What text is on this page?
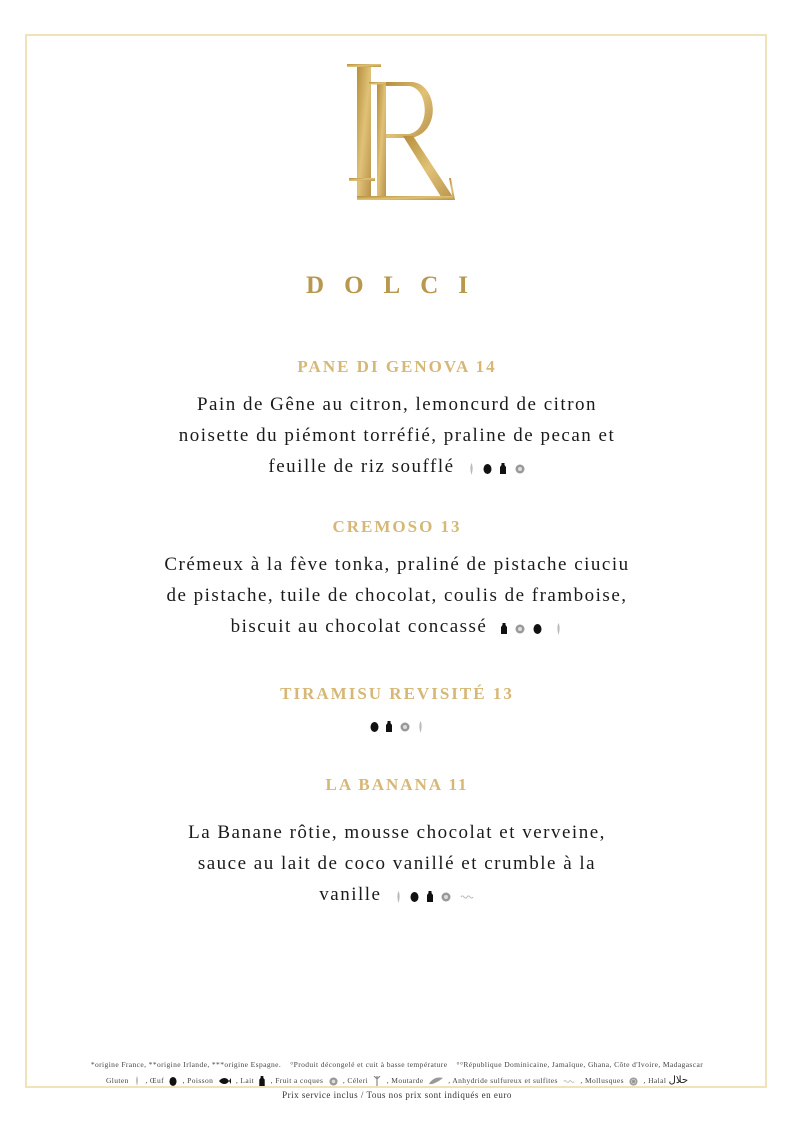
DOLCI
PANE DI GENOVA 14
Pain de Gêne au citron, lemoncurd de citron
noisette du piémont torréfié, praline de pecan et
feuille de riz soufflé
CREMOSO 13
Crémeux à la fève tonka, praliné de pistache ciuciu
de pistache, tuile de chocolat, coulis de framboise,
biscuit au chocolat concassé
TIRAMISU REVISITÉ 13

LA BANANA 11
La Banane rôtie, mousse chocolat et verveine,
sauce au lait de coco vanillé et crumble à la
vanille
*origine France, **origine Irlande, ***origine Espagne. °Produit décongelé et cuit à basse température °°République Dominicaine, Jamaïque, Ghana, Côte d'Ivoire, Madagascar
Gluten , Œuf , Poisson	, Lait , Fruit a coques	, Céleri , Moutarde	, Anhydride sulfureux et sulfites	, Mollusques	, Halal حلال
Prix service inclus / Tous nos prix sont indiqués en euro
